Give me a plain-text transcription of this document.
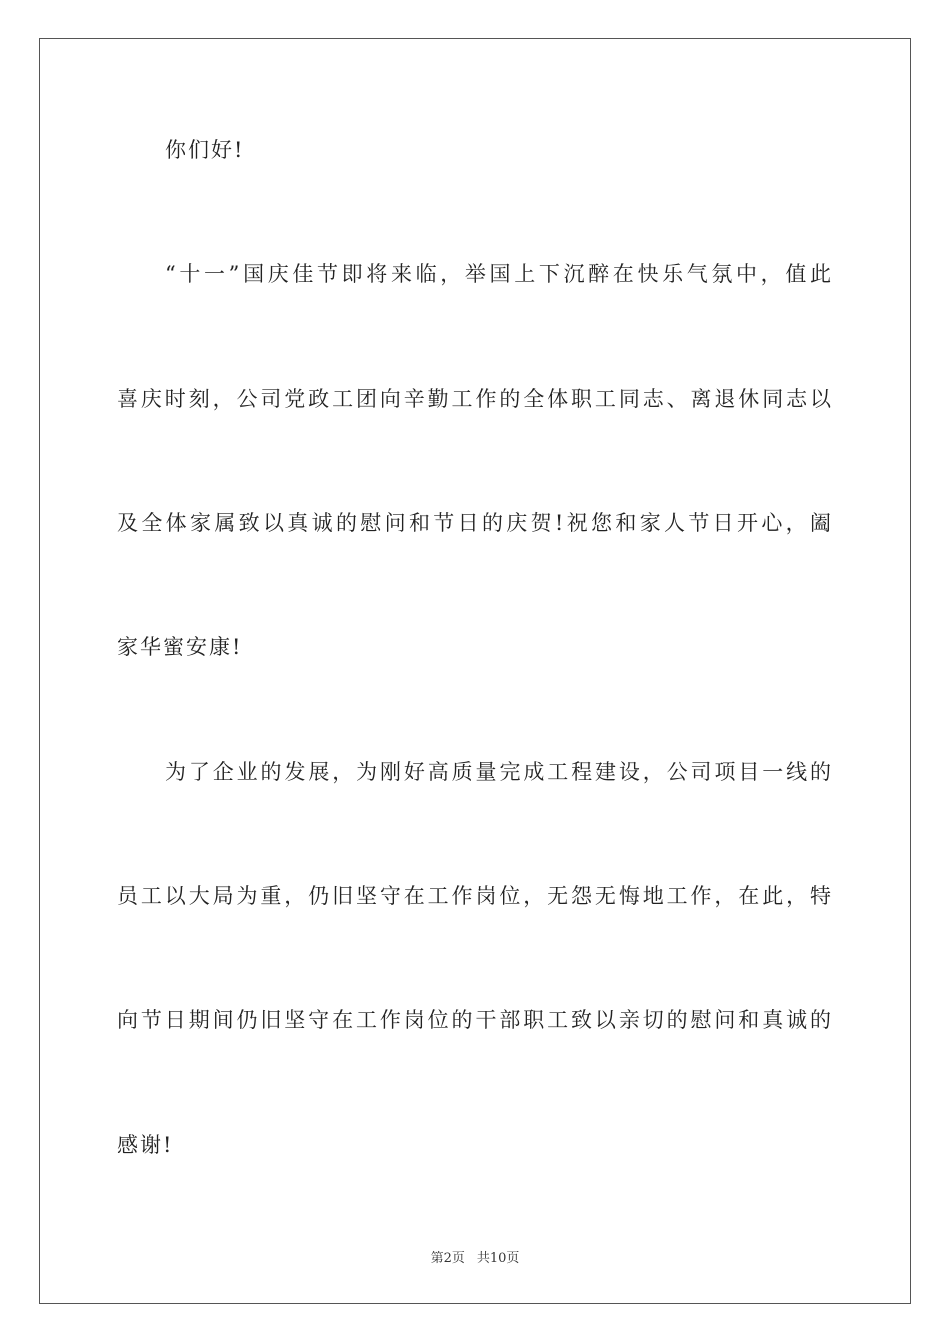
你们好!
“十一”国庆佳节即将来临，举国上下沉醉在快乐气氛中，值此
喜庆时刻，公司党政工团向辛勤工作的全体职工同志、离退休同志以
及全体家属致以真诚的慰问和节日的庆贺!祝您和家人节日开心，阖
家华蜜安康!
为了企业的发展，为刚好高质量完成工程建设，公司项目一线的
员工以大局为重，仍旧坚守在工作岗位，无怨无悔地工作，在此，特
向节日期间仍旧坚守在工作岗位的干部职工致以亲切的慰问和真诚的
感谢!
第2页 共10页
